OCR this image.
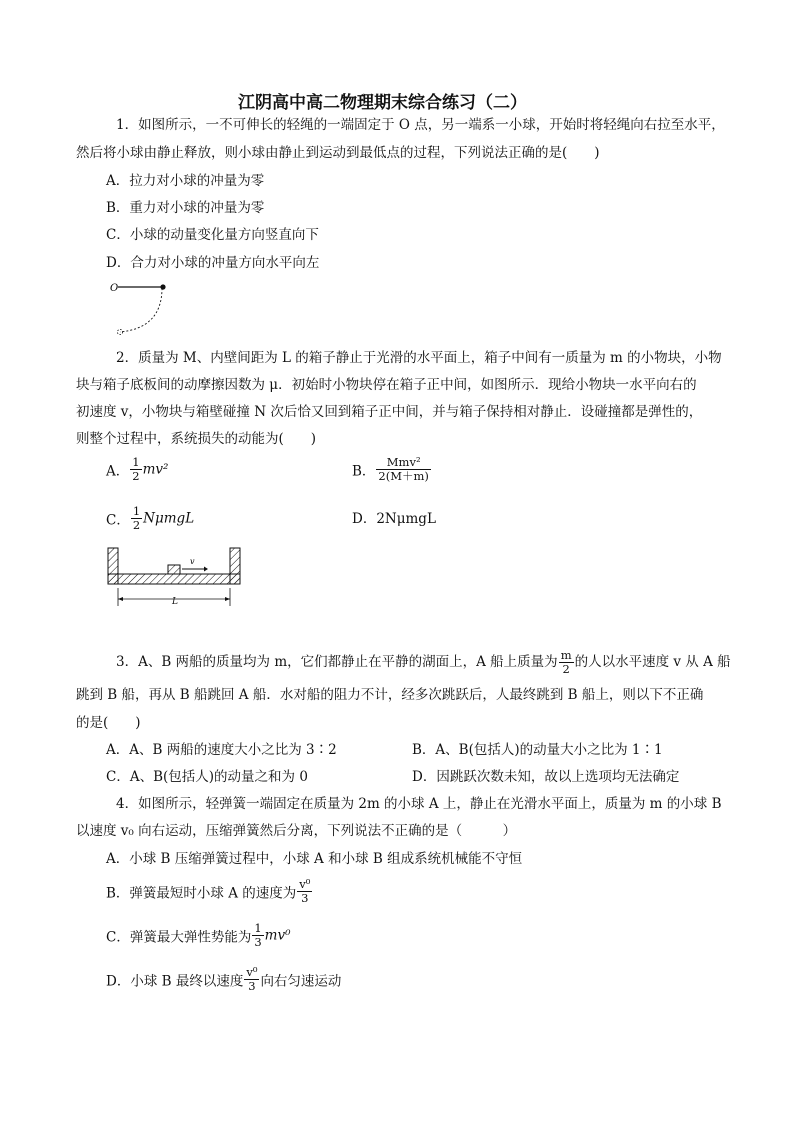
江阴高中高二物理期末综合练习（二）
1．如图所示，一不可伸长的轻绳的一端固定于 O 点，另一端系一小球，开始时将轻绳向右拉至水平，
然后将小球由静止释放，则小球由静止到运动到最低点的过程，下列说法正确的是(　　)
A．拉力对小球的冲量为零
B．重力对小球的冲量为零
C．小球的动量变化量方向竖直向下
D．合力对小球的冲量方向水平向左
O
2．质量为 M、内壁间距为 L 的箱子静止于光滑的水平面上，箱子中间有一质量为 m 的小物块，小物
块与箱子底板间的动摩擦因数为 μ．初始时小物块停在箱子正中间，如图所示．现给小物块一水平向右的
初速度 v，小物块与箱壁碰撞 N 次后恰又回到箱子正中间，并与箱子保持相对静止．设碰撞都是弹性的，
则整个过程中，系统损失的动能为(　　)
A． $\frac{1}{2} mv^2$	B． $\frac{\text{Mmv²}}{2(M+m)}$
C． $\frac{1}{2}$ NμmgL	D．2NμmgL
v
L
3．A、B 两船的质量均为 m，它们都静止在平静的湖面上，A 船上质量为 $\frac{m}{2}$ 的人以水平速度 v 从 A 船
跳到 B 船，再从 B 船跳回 A 船．水对船的阻力不计，经多次跳跃后，人最终跳到 B 船上，则以下不正确
的是(　　)
A．A、B 两船的速度大小之比为 3∶2	B．A、B(包括人)的动量大小之比为 1∶1
C．A、B(包括人)的动量之和为 0	D．因跳跃次数未知，故以上选项均无法确定
4．如图所示，轻弹簧一端固定在质量为 2m 的小球 A 上，静止在光滑水平面上，质量为 m 的小球 B
以速度 v₀ 向右运动，压缩弹簧然后分离，下列说法不正确的是（　　　）
A．小球 B 压缩弹簧过程中，小球 A 和小球 B 组成系统机械能不守恒
B．弹簧最短时小球 A 的速度为 $\frac{\text{v⁰}}{3}$
C．弹簧最大弹性势能为 $\frac{1}{3} mv^0$
D．小球 B 最终以速度 $\frac{\text{v⁰}}{3}$ 向右匀速运动
